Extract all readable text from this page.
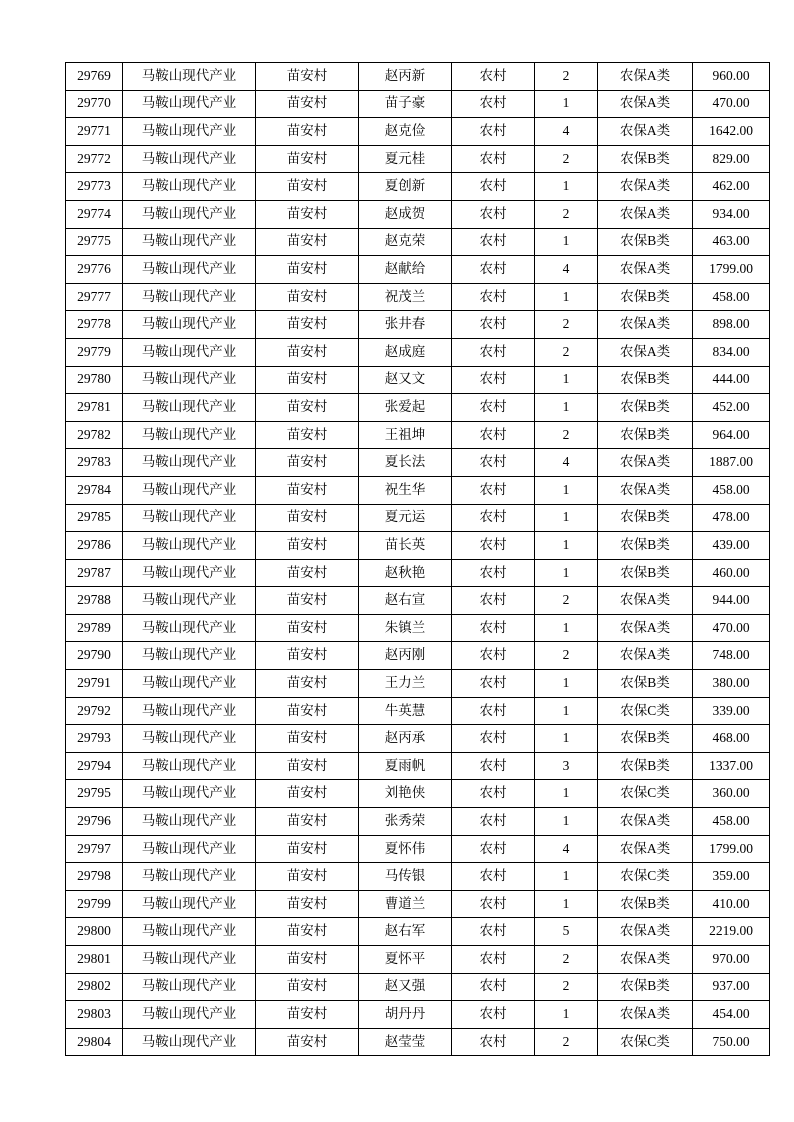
29769	马鞍山现代产业	苗安村	赵丙新	农村	2	农保A类	960.00
29770	马鞍山现代产业	苗安村	苗子豪	农村	1	农保A类	470.00
29771	马鞍山现代产业	苗安村	赵克俭	农村	4	农保A类	1642.00
29772	马鞍山现代产业	苗安村	夏元桂	农村	2	农保B类	829.00
29773	马鞍山现代产业	苗安村	夏创新	农村	1	农保A类	462.00
29774	马鞍山现代产业	苗安村	赵成贺	农村	2	农保A类	934.00
29775	马鞍山现代产业	苗安村	赵克荣	农村	1	农保B类	463.00
29776	马鞍山现代产业	苗安村	赵献给	农村	4	农保A类	1799.00
29777	马鞍山现代产业	苗安村	祝茂兰	农村	1	农保B类	458.00
29778	马鞍山现代产业	苗安村	张井春	农村	2	农保A类	898.00
29779	马鞍山现代产业	苗安村	赵成庭	农村	2	农保A类	834.00
29780	马鞍山现代产业	苗安村	赵又文	农村	1	农保B类	444.00
29781	马鞍山现代产业	苗安村	张爱起	农村	1	农保B类	452.00
29782	马鞍山现代产业	苗安村	王祖坤	农村	2	农保B类	964.00
29783	马鞍山现代产业	苗安村	夏长法	农村	4	农保A类	1887.00
29784	马鞍山现代产业	苗安村	祝生华	农村	1	农保A类	458.00
29785	马鞍山现代产业	苗安村	夏元运	农村	1	农保B类	478.00
29786	马鞍山现代产业	苗安村	苗长英	农村	1	农保B类	439.00
29787	马鞍山现代产业	苗安村	赵秋艳	农村	1	农保B类	460.00
29788	马鞍山现代产业	苗安村	赵右宣	农村	2	农保A类	944.00
29789	马鞍山现代产业	苗安村	朱镇兰	农村	1	农保A类	470.00
29790	马鞍山现代产业	苗安村	赵丙刚	农村	2	农保A类	748.00
29791	马鞍山现代产业	苗安村	王力兰	农村	1	农保B类	380.00
29792	马鞍山现代产业	苗安村	牛英慧	农村	1	农保C类	339.00
29793	马鞍山现代产业	苗安村	赵丙承	农村	1	农保B类	468.00
29794	马鞍山现代产业	苗安村	夏雨帆	农村	3	农保B类	1337.00
29795	马鞍山现代产业	苗安村	刘艳侠	农村	1	农保C类	360.00
29796	马鞍山现代产业	苗安村	张秀荣	农村	1	农保A类	458.00
29797	马鞍山现代产业	苗安村	夏怀伟	农村	4	农保A类	1799.00
29798	马鞍山现代产业	苗安村	马传银	农村	1	农保C类	359.00
29799	马鞍山现代产业	苗安村	曹道兰	农村	1	农保B类	410.00
29800	马鞍山现代产业	苗安村	赵右军	农村	5	农保A类	2219.00
29801	马鞍山现代产业	苗安村	夏怀平	农村	2	农保A类	970.00
29802	马鞍山现代产业	苗安村	赵又强	农村	2	农保B类	937.00
29803	马鞍山现代产业	苗安村	胡丹丹	农村	1	农保A类	454.00
29804	马鞍山现代产业	苗安村	赵莹莹	农村	2	农保C类	750.00
